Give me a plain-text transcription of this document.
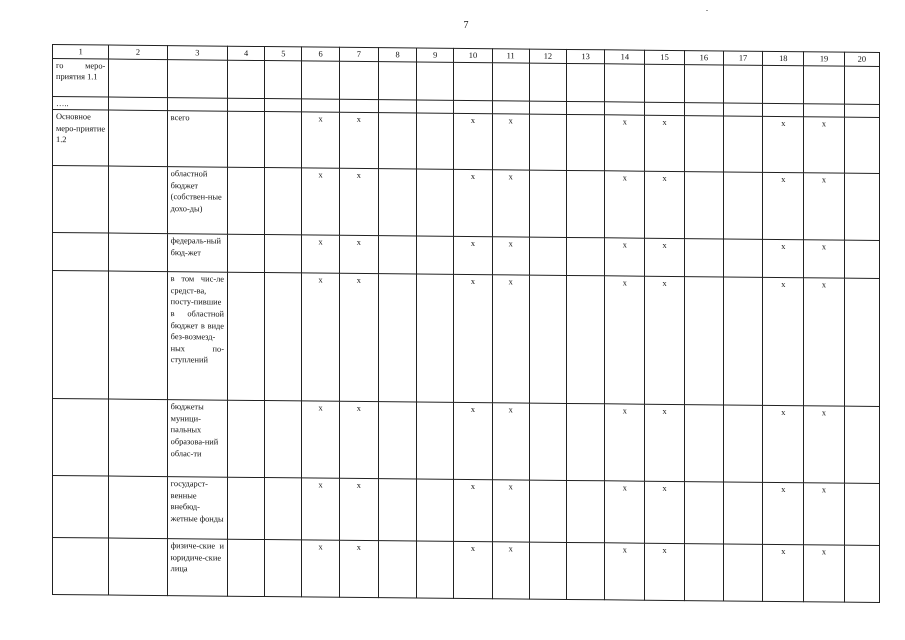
7
1	2	3	4	5	6	7	8	9	10	11	12	13	14	15	16	17	18	19	20
го меро-приятия 1.1																			
…..																			
Основное меро-приятие 1.2		всего			х	х			х	х			х	х			х	х	
		областной бюджет (собствен-ные дохо-ды)			х	х			х	х			х	х			х	х	
		федераль-ный бюд-жет			х	х			х	х			х	х			х	х	
		в том чис-ле средст-ва, посту-пившие в областной бюджет в виде без-возмезд-ных по-ступлений			х	х			х	х			х	х			х	х	
		бюджеты муници-пальных образова-ний облас-ти			х	х			х	х			х	х			х	х	
		государст-венные внебюд-жетные фонды			х	х			х	х			х	х			х	х	
		физиче-ские и юридиче-ские лица			х	х			х	х			х	х			х	х	
